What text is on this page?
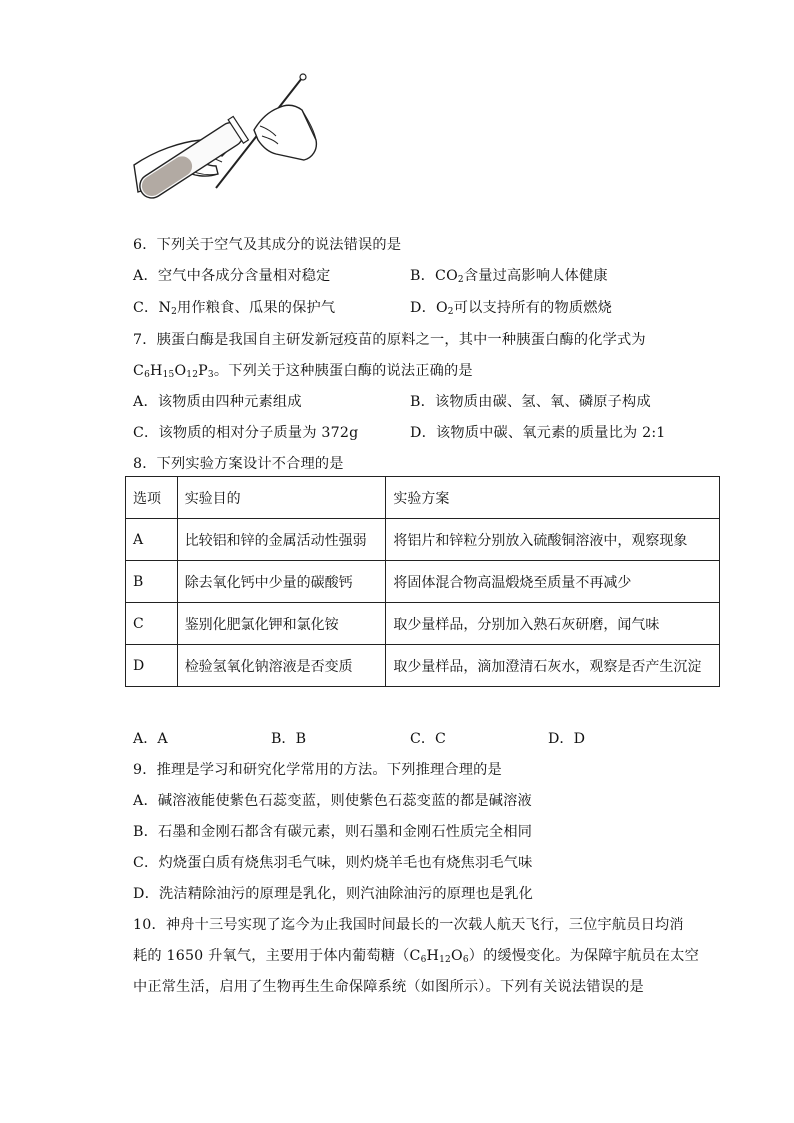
6．下列关于空气及其成分的说法错误的是
A．空气中各成分含量相对稳定	B．$CO_2$含量过高影响人体健康
C．$N_2$用作粮食、瓜果的保护气	D．$O_2$可以支持所有的物质燃烧
7．胰蛋白酶是我国自主研发新冠疫苗的原料之一，其中一种胰蛋白酶的化学式为
$C_6H_{15}O_{12}P_3$。下列关于这种胰蛋白酶的说法正确的是
A．该物质由四种元素组成	B．该物质由碳、氢、氧、磷原子构成
C．该物质的相对分子质量为 372g	D．该物质中碳、氧元素的质量比为 2:1
8．下列实验方案设计不合理的是
选项	实验目的	实验方案
A	比较铝和锌的金属活动性强弱	将铝片和锌粒分别放入硫酸铜溶液中，观察现象
B	除去氧化钙中少量的碳酸钙	将固体混合物高温煅烧至质量不再减少
C	鉴别化肥氯化钾和氯化铵	取少量样品，分别加入熟石灰研磨，闻气味
D	检验氢氧化钠溶液是否变质	取少量样品，滴加澄清石灰水，观察是否产生沉淀
A．A	B．B	C．C	D．D
9．推理是学习和研究化学常用的方法。下列推理合理的是
A．碱溶液能使紫色石蕊变蓝，则使紫色石蕊变蓝的都是碱溶液
B．石墨和金刚石都含有碳元素，则石墨和金刚石性质完全相同
C．灼烧蛋白质有烧焦羽毛气味，则灼烧羊毛也有烧焦羽毛气味
D．洗洁精除油污的原理是乳化，则汽油除油污的原理也是乳化
10．神舟十三号实现了迄今为止我国时间最长的一次载人航天飞行，三位宇航员日均消
耗的 1650 升氧气，主要用于体内葡萄糖$(C_6H_{12}O_6)$的缓慢变化。为保障宇航员在太空
中正常生活，启用了生物再生生命保障系统（如图所示）。下列有关说法错误的是
